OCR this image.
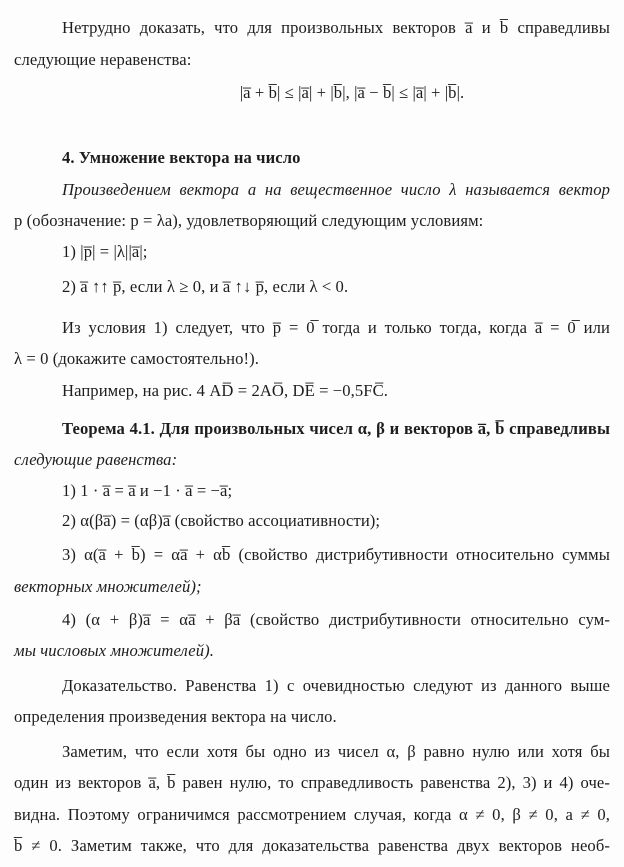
Нетрудно доказать, что для произвольных векторов a̅ и b̅ справедливы
следующие неравенства:
|a̅ + b̅| ≤ |a̅| + |b̅|, |a̅ − b̅| ≤ |a̅| + |b̅|.
4. Умножение вектора на число
Произведением вектора a на вещественное число λ называется вектор
p (обозначение: p = λa), удовлетворяющий следующим условиям:
1) |p̅| = |λ||a̅|;
2) a̅ ↑↑ p̅, если λ ≥ 0, и a̅ ↑↓ p̅, если λ < 0.
Из условия 1) следует, что p̅ = 0̅ тогда и только тогда, когда a̅ = 0̅ или
λ = 0 (докажите самостоятельно!).
Например, на рис. 4 AD̅ = 2AO̅, DE̅ = −0,5FC̅.
Теорема 4.1. Для произвольных чисел α, β и векторов a̅, b̅ справедливы
следующие равенства:
1) 1 · a̅ = a̅ и −1 · a̅ = −a̅;
2) α(βa̅) = (αβ)a̅ (свойство ассоциативности);
3) α(a̅ + b̅) = αa̅ + αb̅ (свойство дистрибутивности относительно суммы
векторных множителей);
4) (α + β)a̅ = αa̅ + βa̅ (свойство дистрибутивности относительно сум-
мы числовых множителей).
Доказательство. Равенства 1) с очевидностью следуют из данного выше
определения произведения вектора на число.
Заметим, что если хотя бы одно из чисел α, β равно нулю или хотя бы
один из векторов a̅, b̅ равен нулю, то справедливость равенства 2), 3) и 4) оче-
видна. Поэтому ограничимся рассмотрением случая, когда α ≠ 0, β ≠ 0, a ≠ 0,
b̅ ≠ 0. Заметим также, что для доказательства равенства двух векторов необ-
